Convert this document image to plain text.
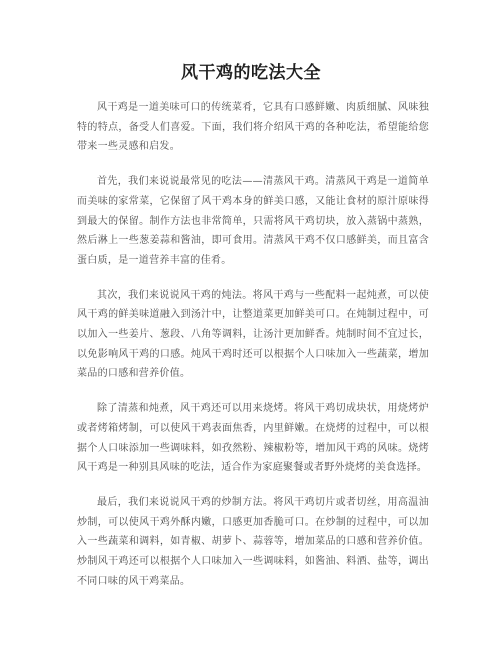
风干鸡的吃法大全

风干鸡是一道美味可口的传统菜肴，它具有口感鲜嫩、肉质细腻、风味独特的特点，备受人们喜爱。下面，我们将介绍风干鸡的各种吃法，希望能给您带来一些灵感和启发。

首先，我们来说说最常见的吃法——清蒸风干鸡。清蒸风干鸡是一道简单而美味的家常菜，它保留了风干鸡本身的鲜美口感，又能让食材的原汁原味得到最大的保留。制作方法也非常简单，只需将风干鸡切块，放入蒸锅中蒸熟，然后淋上一些葱姜蒜和酱油，即可食用。清蒸风干鸡不仅口感鲜美，而且富含蛋白质，是一道营养丰富的佳肴。

其次，我们来说说风干鸡的炖法。将风干鸡与一些配料一起炖煮，可以使风干鸡的鲜美味道融入到汤汁中，让整道菜更加鲜美可口。在炖制过程中，可以加入一些姜片、葱段、八角等调料，让汤汁更加鲜香。炖制时间不宜过长，以免影响风干鸡的口感。炖风干鸡时还可以根据个人口味加入一些蔬菜，增加菜品的口感和营养价值。

除了清蒸和炖煮，风干鸡还可以用来烧烤。将风干鸡切成块状，用烧烤炉或者烤箱烤制，可以使风干鸡表面焦香，内里鲜嫩。在烧烤的过程中，可以根据个人口味添加一些调味料，如孜然粉、辣椒粉等，增加风干鸡的风味。烧烤风干鸡是一种别具风味的吃法，适合作为家庭聚餐或者野外烧烤的美食选择。

最后，我们来说说风干鸡的炒制方法。将风干鸡切片或者切丝，用高温油炒制，可以使风干鸡外酥内嫩，口感更加香脆可口。在炒制的过程中，可以加入一些蔬菜和调料，如青椒、胡萝卜、蒜蓉等，增加菜品的口感和营养价值。炒制风干鸡还可以根据个人口味加入一些调味料，如酱油、料酒、盐等，调出不同口味的风干鸡菜品。
